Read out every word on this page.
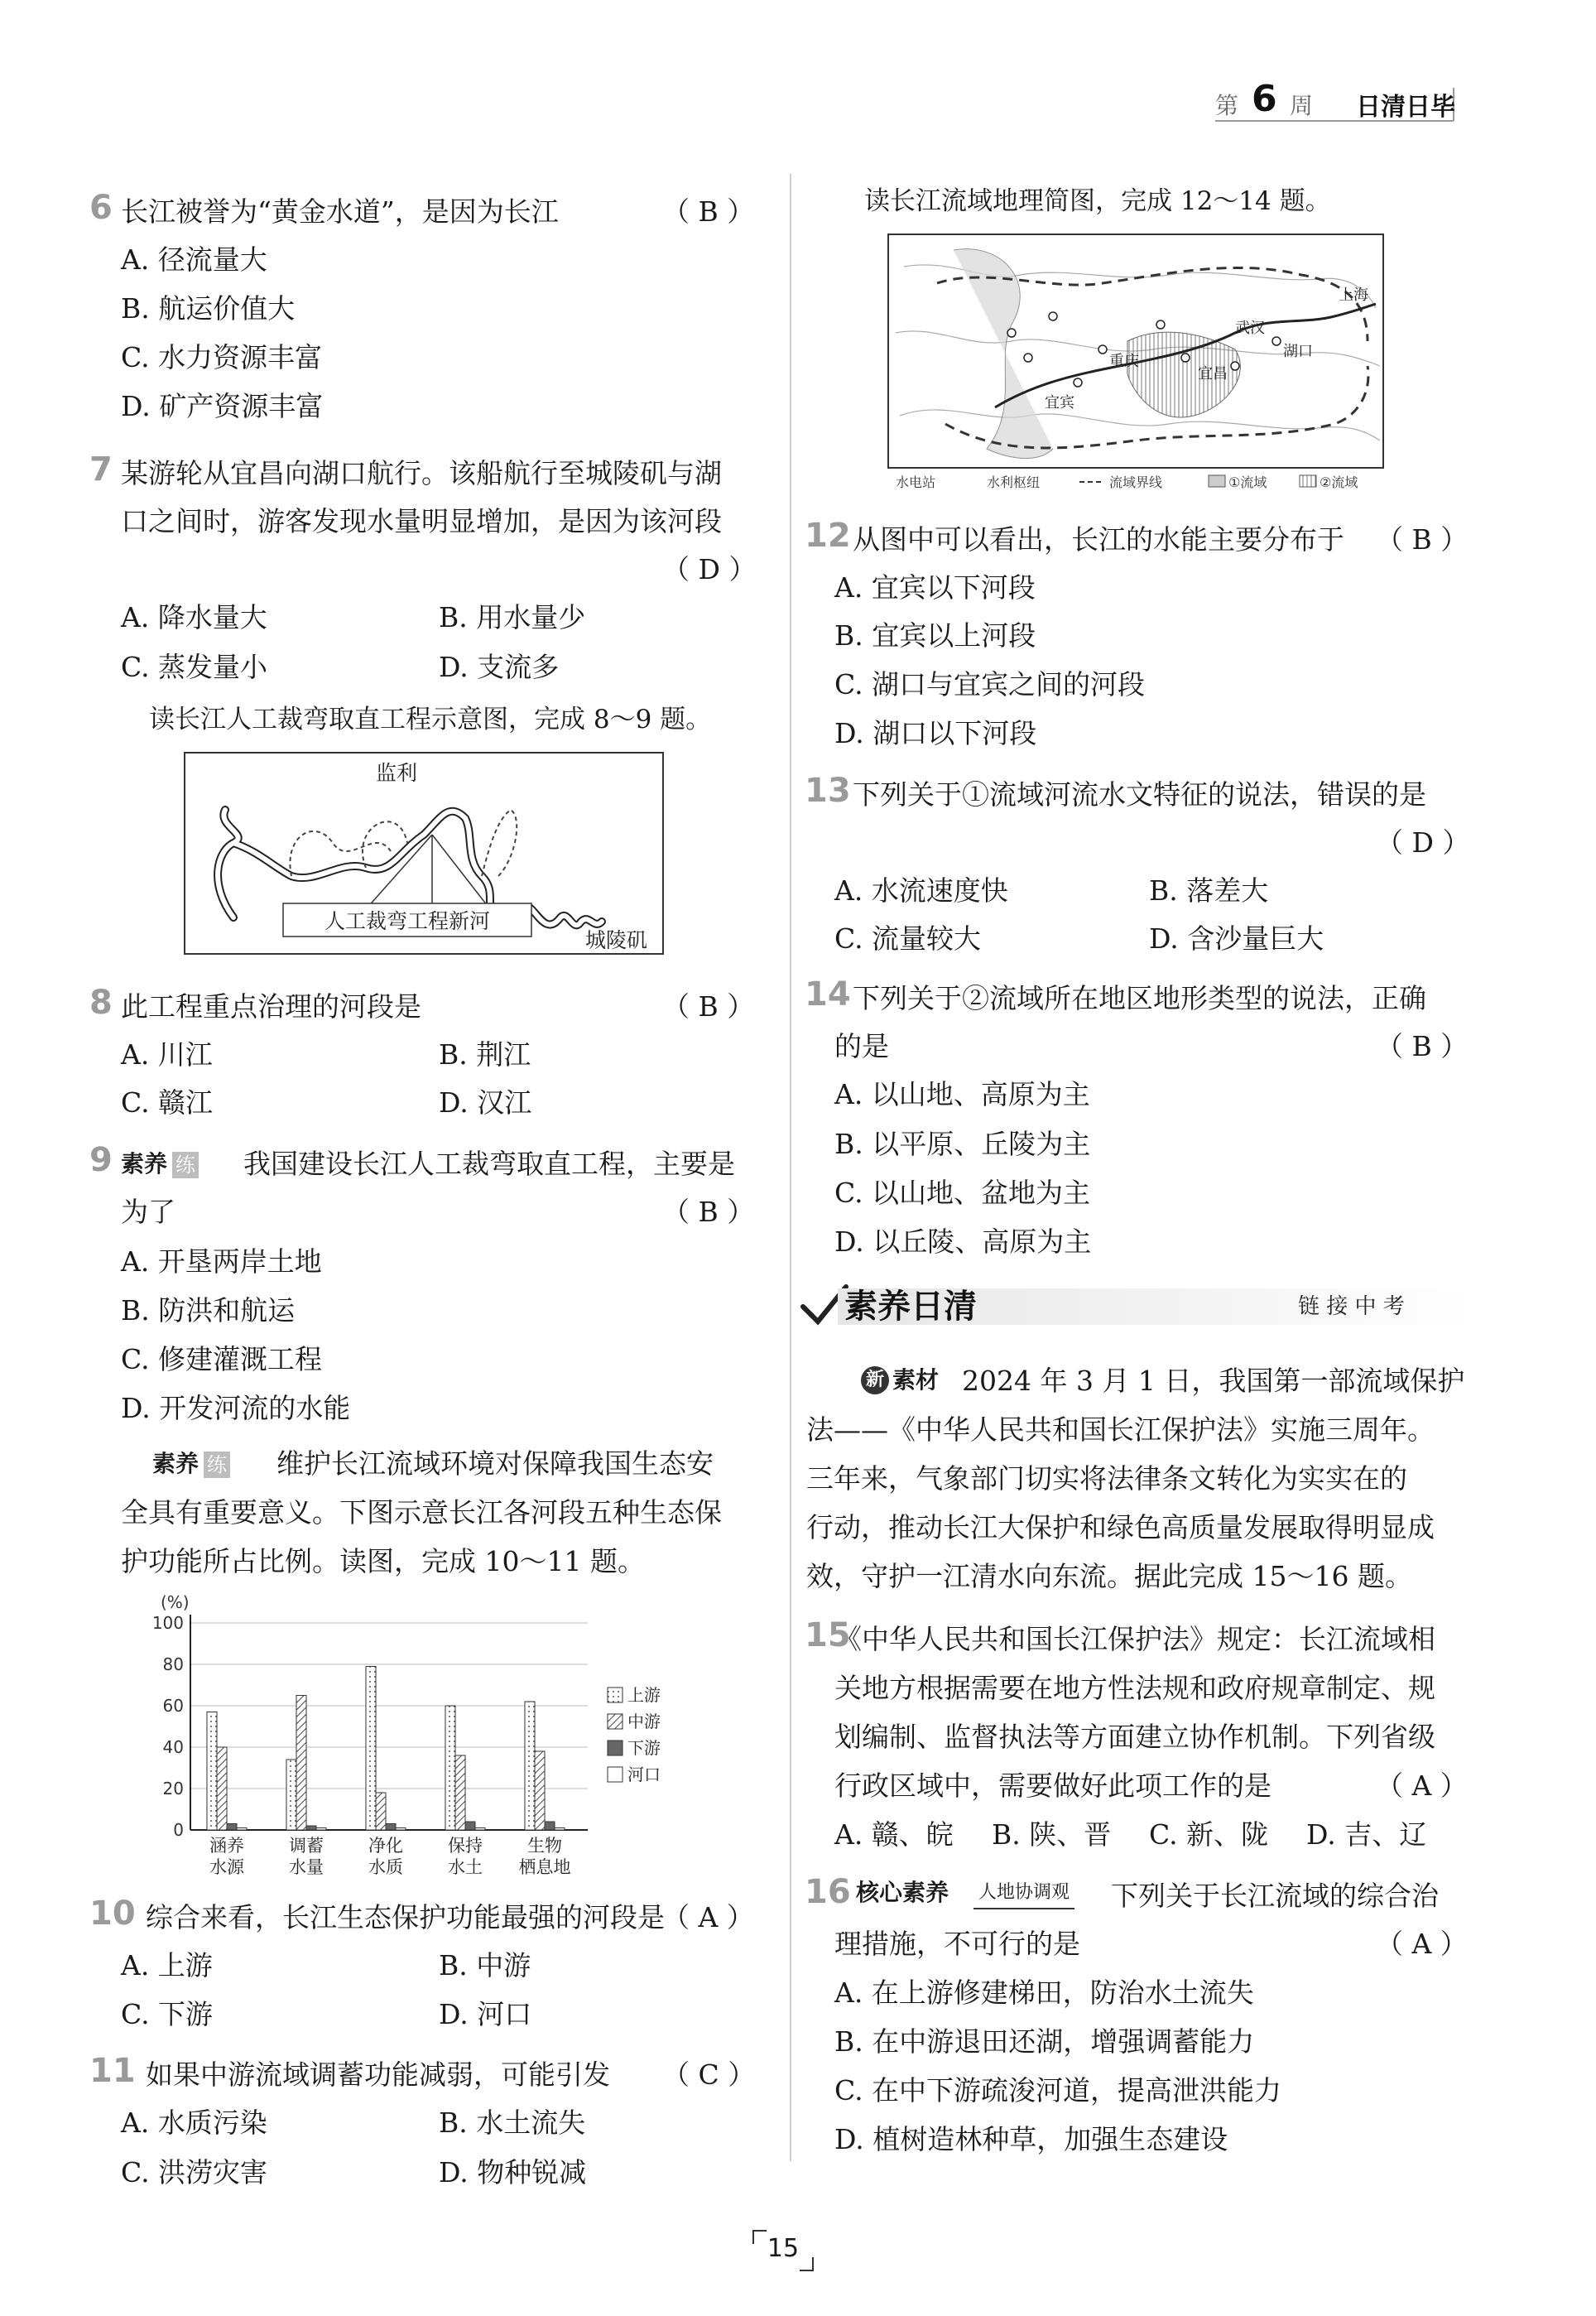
第 6 周 日清日毕
6 长江被誉为“黄金水道”，是因为长江	（ B ）
A. 径流量大
B. 航运价值大
C. 水力资源丰富
D. 矿产资源丰富
7 某游轮从宜昌向湖口航行。该船航行至城陵矶与湖
口之间时，游客发现水量明显增加，是因为该河段
（ D ）
A. 降水量大	B. 用水量少
C. 蒸发量小	D. 支流多
读长江人工裁弯取直工程示意图，完成 8～9 题。
人工裁弯工程新河
监利
城陵矶
8 此工程重点治理的河段是	（ B ）
A. 川江	B. 荆江
C. 赣江	D. 汉江
9 素养 练 我国建设长江人工裁弯取直工程，主要是
为了	（ B ）
A. 开垦两岸土地
B. 防洪和航运
C. 修建灌溉工程
D. 开发河流的水能
素养 练 维护长江流域环境对保障我国生态安
全具有重要意义。下图示意长江各河段五种生态保
护功能所占比例。读图，完成 10～11 题。
(%)
0
20
40
60
80
100
涵养
水源
调蓄
水量
净化
水质
保持
水土
生物
栖息地
上游
中游
下游
河口
10 综合来看，长江生态保护功能最强的河段是
（ A ）
A. 上游	B. 中游
C. 下游	D. 河口
11 如果中游流域调蓄功能减弱，可能引发 （ C ）
A. 水质污染	B. 水土流失
C. 洪涝灾害	D. 物种锐减
读长江流域地理简图，完成 12～14 题。
重庆
宜昌
武汉
湖口
上海
宜宾
水电站	水利枢纽	流域界线	①流域	②流域
12 从图中可以看出，长江的水能主要分布于 （ B ）
A. 宜宾以下河段
B. 宜宾以上河段
C. 湖口与宜宾之间的河段
D. 湖口以下河段
13 下列关于①流域河流水文特征的说法，错误的是
（ D ）
A. 水流速度快	B. 落差大
C. 流量较大	D. 含沙量巨大
14 下列关于②流域所在地区地形类型的说法，正确
的是	（ B ）
A. 以山地、高原为主
B. 以平原、丘陵为主
C. 以山地、盆地为主
D. 以丘陵、高原为主
素养日清	链 接 中 考
新 素材 2024 年 3 月 1 日，我国第一部流域保护
法——《中华人民共和国长江保护法》实施三周年。
三年来，气象部门切实将法律条文转化为实实在的
行动，推动长江大保护和绿色高质量发展取得明显成
效，守护一江清水向东流。据此完成 15～16 题。
15
《中华人民共和国长江保护法》规定：长江流域相
关地方根据需要在地方性法规和政府规章制定、规
划编制、监督执法等方面建立协作机制。下列省级
行政区域中，需要做好此项工作的是	（ A ）
A. 赣、皖 B. 陕、晋 C. 新、陇 D. 吉、辽
16 核心素养 人地协调观 下列关于长江流域的综合治
理措施，不可行的是	（ A ）
A. 在上游修建梯田，防治水土流失
B. 在中游退田还湖，增强调蓄能力
C. 在中下游疏浚河道，提高泄洪能力
D. 植树造林种草，加强生态建设
15
